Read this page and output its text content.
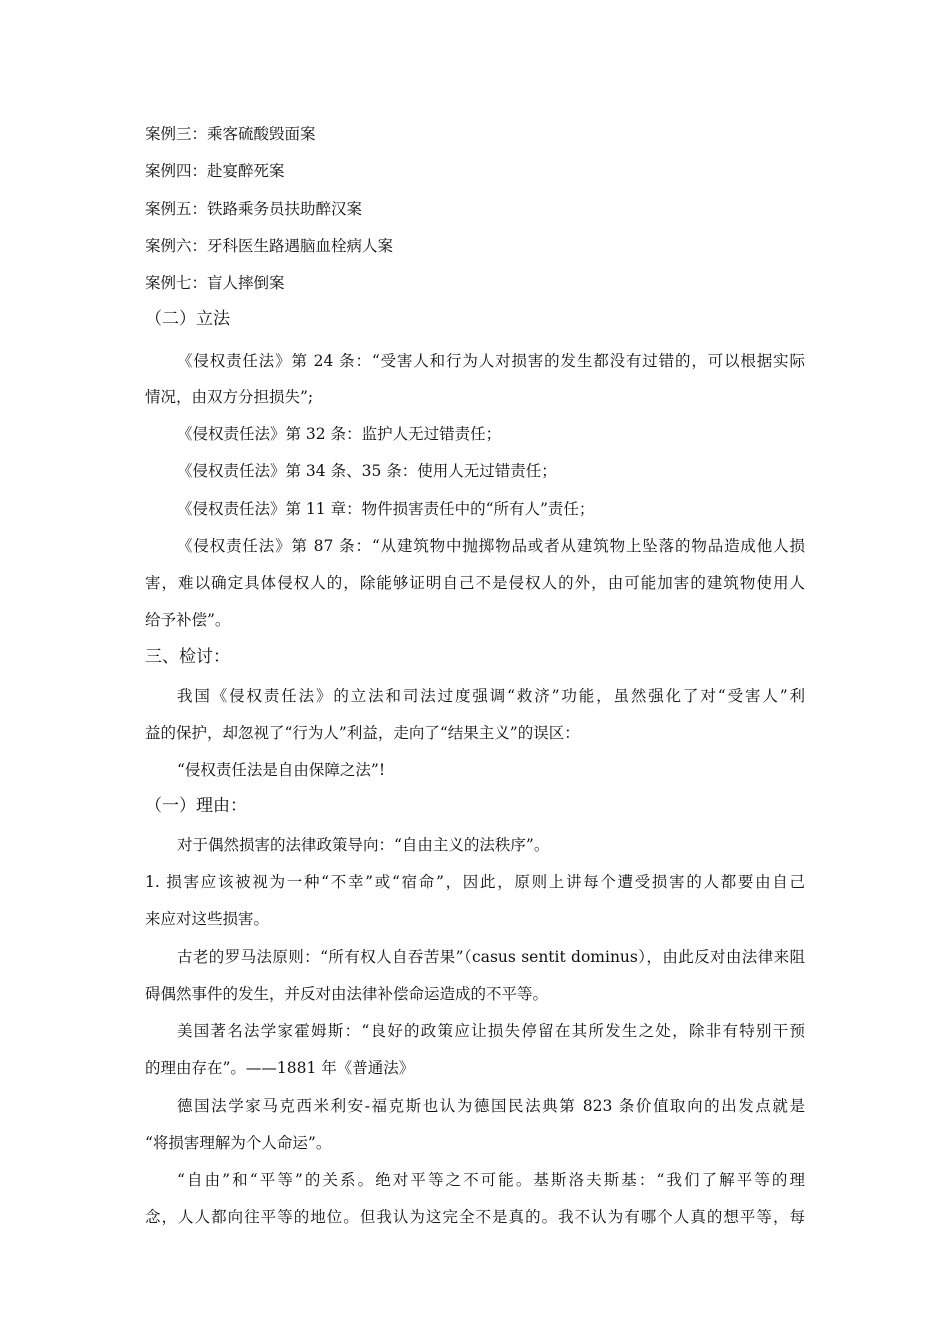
案例三：乘客硫酸毁面案
案例四：赴宴醉死案
案例五：铁路乘务员扶助醉汉案
案例六：牙科医生路遇脑血栓病人案
案例七：盲人摔倒案
（二）立法
《侵权责任法》第 24 条：“受害人和行为人对损害的发生都没有过错的，可以根据实际
情况，由双方分担损失”;
《侵权责任法》第 32 条：监护人无过错责任；
《侵权责任法》第 34 条、35 条：使用人无过错责任；
《侵权责任法》第 11 章：物件损害责任中的“所有人”责任；
《侵权责任法》第 87 条：“从建筑物中抛掷物品或者从建筑物上坠落的物品造成他人损
害，难以确定具体侵权人的，除能够证明自己不是侵权人的外，由可能加害的建筑物使用人
给予补偿”。
三、检讨：
我国《侵权责任法》的立法和司法过度强调“救济”功能，虽然强化了对“受害人”利
益的保护，却忽视了“行为人”利益，走向了“结果主义”的误区：
“侵权责任法是自由保障之法”!
（一）理由：
对于偶然损害的法律政策导向：“自由主义的法秩序”。
1. 损害应该被视为一种“不幸”或“宿命”，因此，原则上讲每个遭受损害的人都要由自己
来应对这些损害。
古老的罗马法原则：“所有权人自吞苦果”（casus sentit dominus），由此反对由法律来阻
碍偶然事件的发生，并反对由法律补偿命运造成的不平等。
美国著名法学家霍姆斯：“良好的政策应让损失停留在其所发生之处，除非有特别干预
的理由存在”。——1881 年《普通法》
德国法学家马克西米利安-福克斯也认为德国民法典第 823 条价值取向的出发点就是
“将损害理解为个人命运”。
“自由”和“平等”的关系。绝对平等之不可能。基斯洛夫斯基：“我们了解平等的理
念，人人都向往平等的地位。但我认为这完全不是真的。我不认为有哪个人真的想平等，每
